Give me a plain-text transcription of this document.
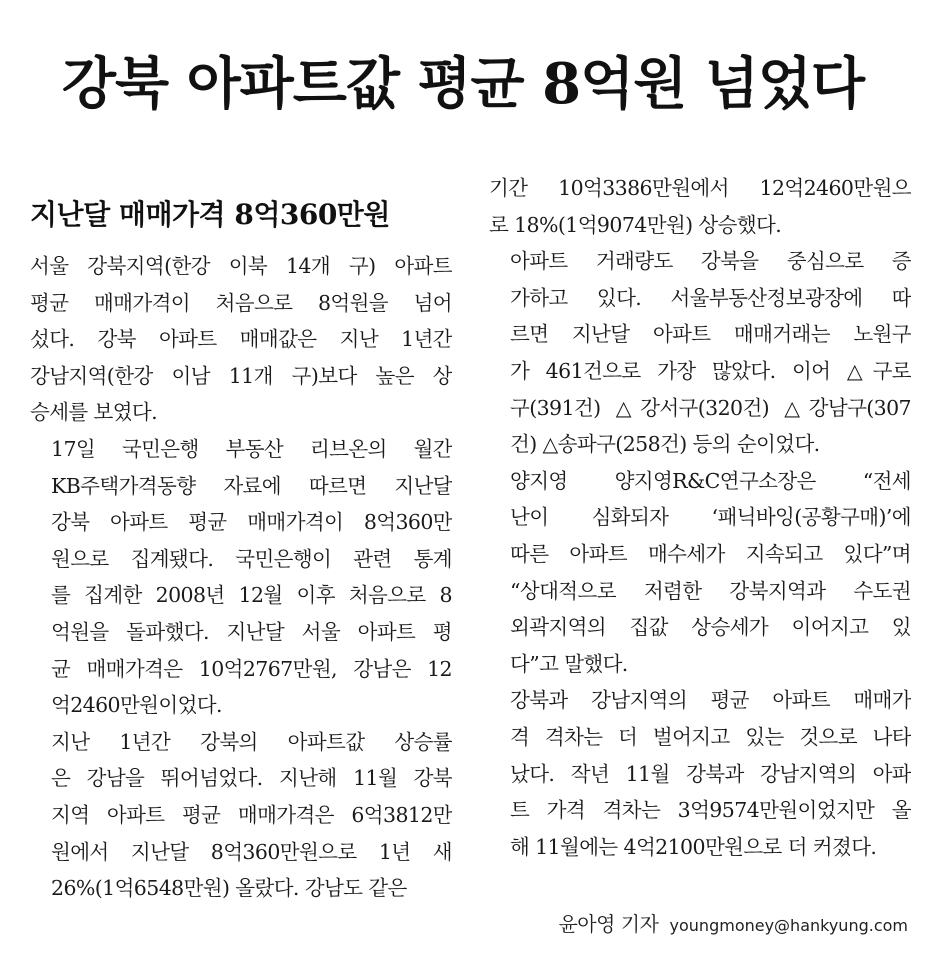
강북 아파트값 평균 8억원 넘었다
지난달 매매가격 8억360만원

서울 강북지역(한강 이북 14개 구) 아파트
평균 매매가격이 처음으로 8억원을 넘어
섰다. 강북 아파트 매매값은 지난 1년간
강남지역(한강 이남 11개 구)보다 높은 상
승세를 보였다.

17일 국민은행 부동산 리브온의 월간
KB주택가격동향 자료에 따르면 지난달
강북 아파트 평균 매매가격이 8억360만
원으로 집계됐다. 국민은행이 관련 통계
를 집계한 2008년 12월 이후 처음으로 8
억원을 돌파했다. 지난달 서울 아파트 평
균 매매가격은 10억2767만원, 강남은 12
억2460만원이었다.

지난 1년간 강북의 아파트값 상승률
은 강남을 뛰어넘었다. 지난해 11월 강북
지역 아파트 평균 매매가격은 6억3812만
원에서 지난달 8억360만원으로 1년 새
26%(1억6548만원) 올랐다. 강남도 같은

기간 10억3386만원에서 12억2460만원으
로 18%(1억9074만원) 상승했다.

아파트 거래량도 강북을 중심으로 증
가하고 있다. 서울부동산정보광장에 따
르면 지난달 아파트 매매거래는 노원구
가 461건으로 가장 많았다. 이어 △구로
구(391건) △강서구(320건) △강남구(307
건) △송파구(258건) 등의 순이었다.

양지영 양지영R&C연구소장은 “전세
난이 심화되자 ‘패닉바잉(공황구매)’에
따른 아파트 매수세가 지속되고 있다”며
“상대적으로 저렴한 강북지역과 수도권
외곽지역의 집값 상승세가 이어지고 있
다”고 말했다.

강북과 강남지역의 평균 아파트 매매가
격 격차는 더 벌어지고 있는 것으로 나타
났다. 작년 11월 강북과 강남지역의 아파
트 가격 격차는 3억9574만원이었지만 올
해 11월에는 4억2100만원으로 더 커졌다.

윤아영 기자 youngmoney@hankyung.com
